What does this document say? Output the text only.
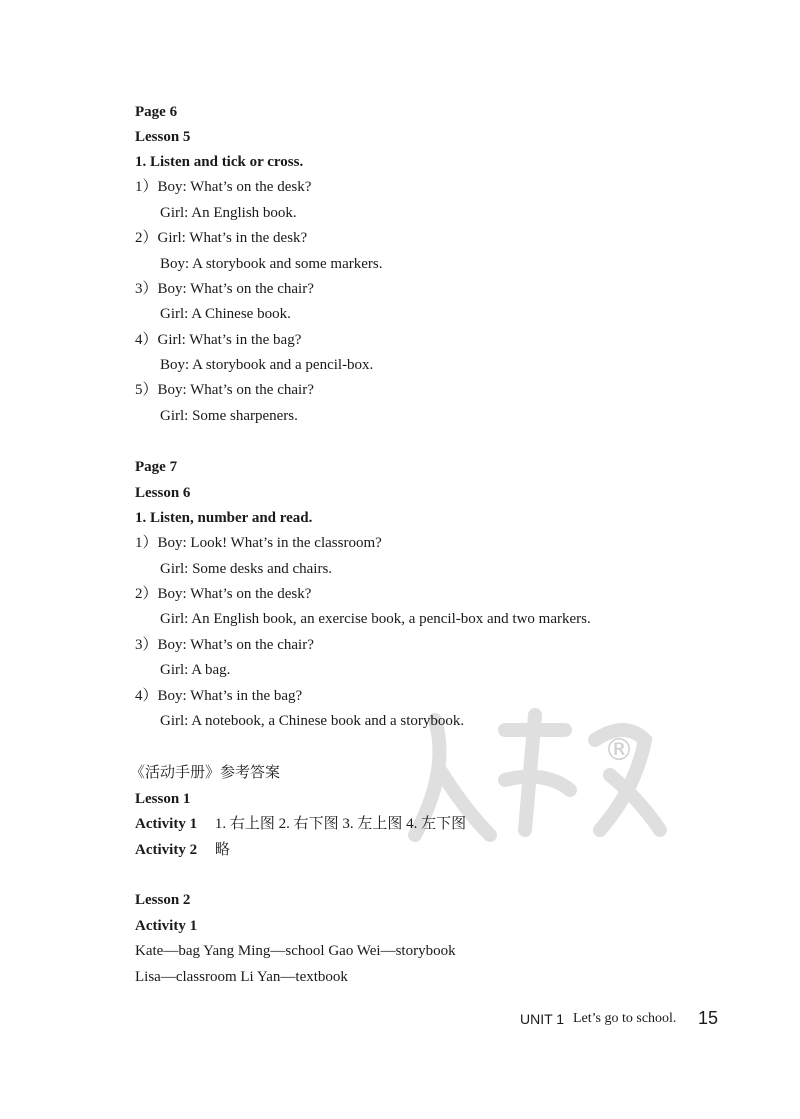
Page 6
Lesson 5
1. Listen and tick or cross.
1）Boy: What’s on the desk?
Girl: An English book.
2）Girl: What’s in the desk?
Boy: A storybook and some markers.
3）Boy: What’s on the chair?
Girl: A Chinese book.
4）Girl: What’s in the bag?
Boy: A storybook and a pencil-box.
5）Boy: What’s on the chair?
Girl: Some sharpeners.
Page 7
Lesson 6
1. Listen, number and read.
1）Boy: Look! What’s in the classroom?
Girl: Some desks and chairs.
2）Boy: What’s on the desk?
Girl: An English book, an exercise book, a pencil-box and two markers.
3）Boy: What’s on the chair?
Girl: A bag.
4）Boy: What’s in the bag?
Girl: A notebook, a Chinese book and a storybook.
®
《活动手册》参考答案
Lesson 1
Activity 1 1. 右上图 2. 右下图 3. 左上图 4. 左下图
Activity 2 略
Lesson 2
Activity 1
Kate—bag Yang Ming—school Gao Wei—storybook
Lisa—classroom Li Yan—textbook
UNIT 1 Let’s go to school. 15
